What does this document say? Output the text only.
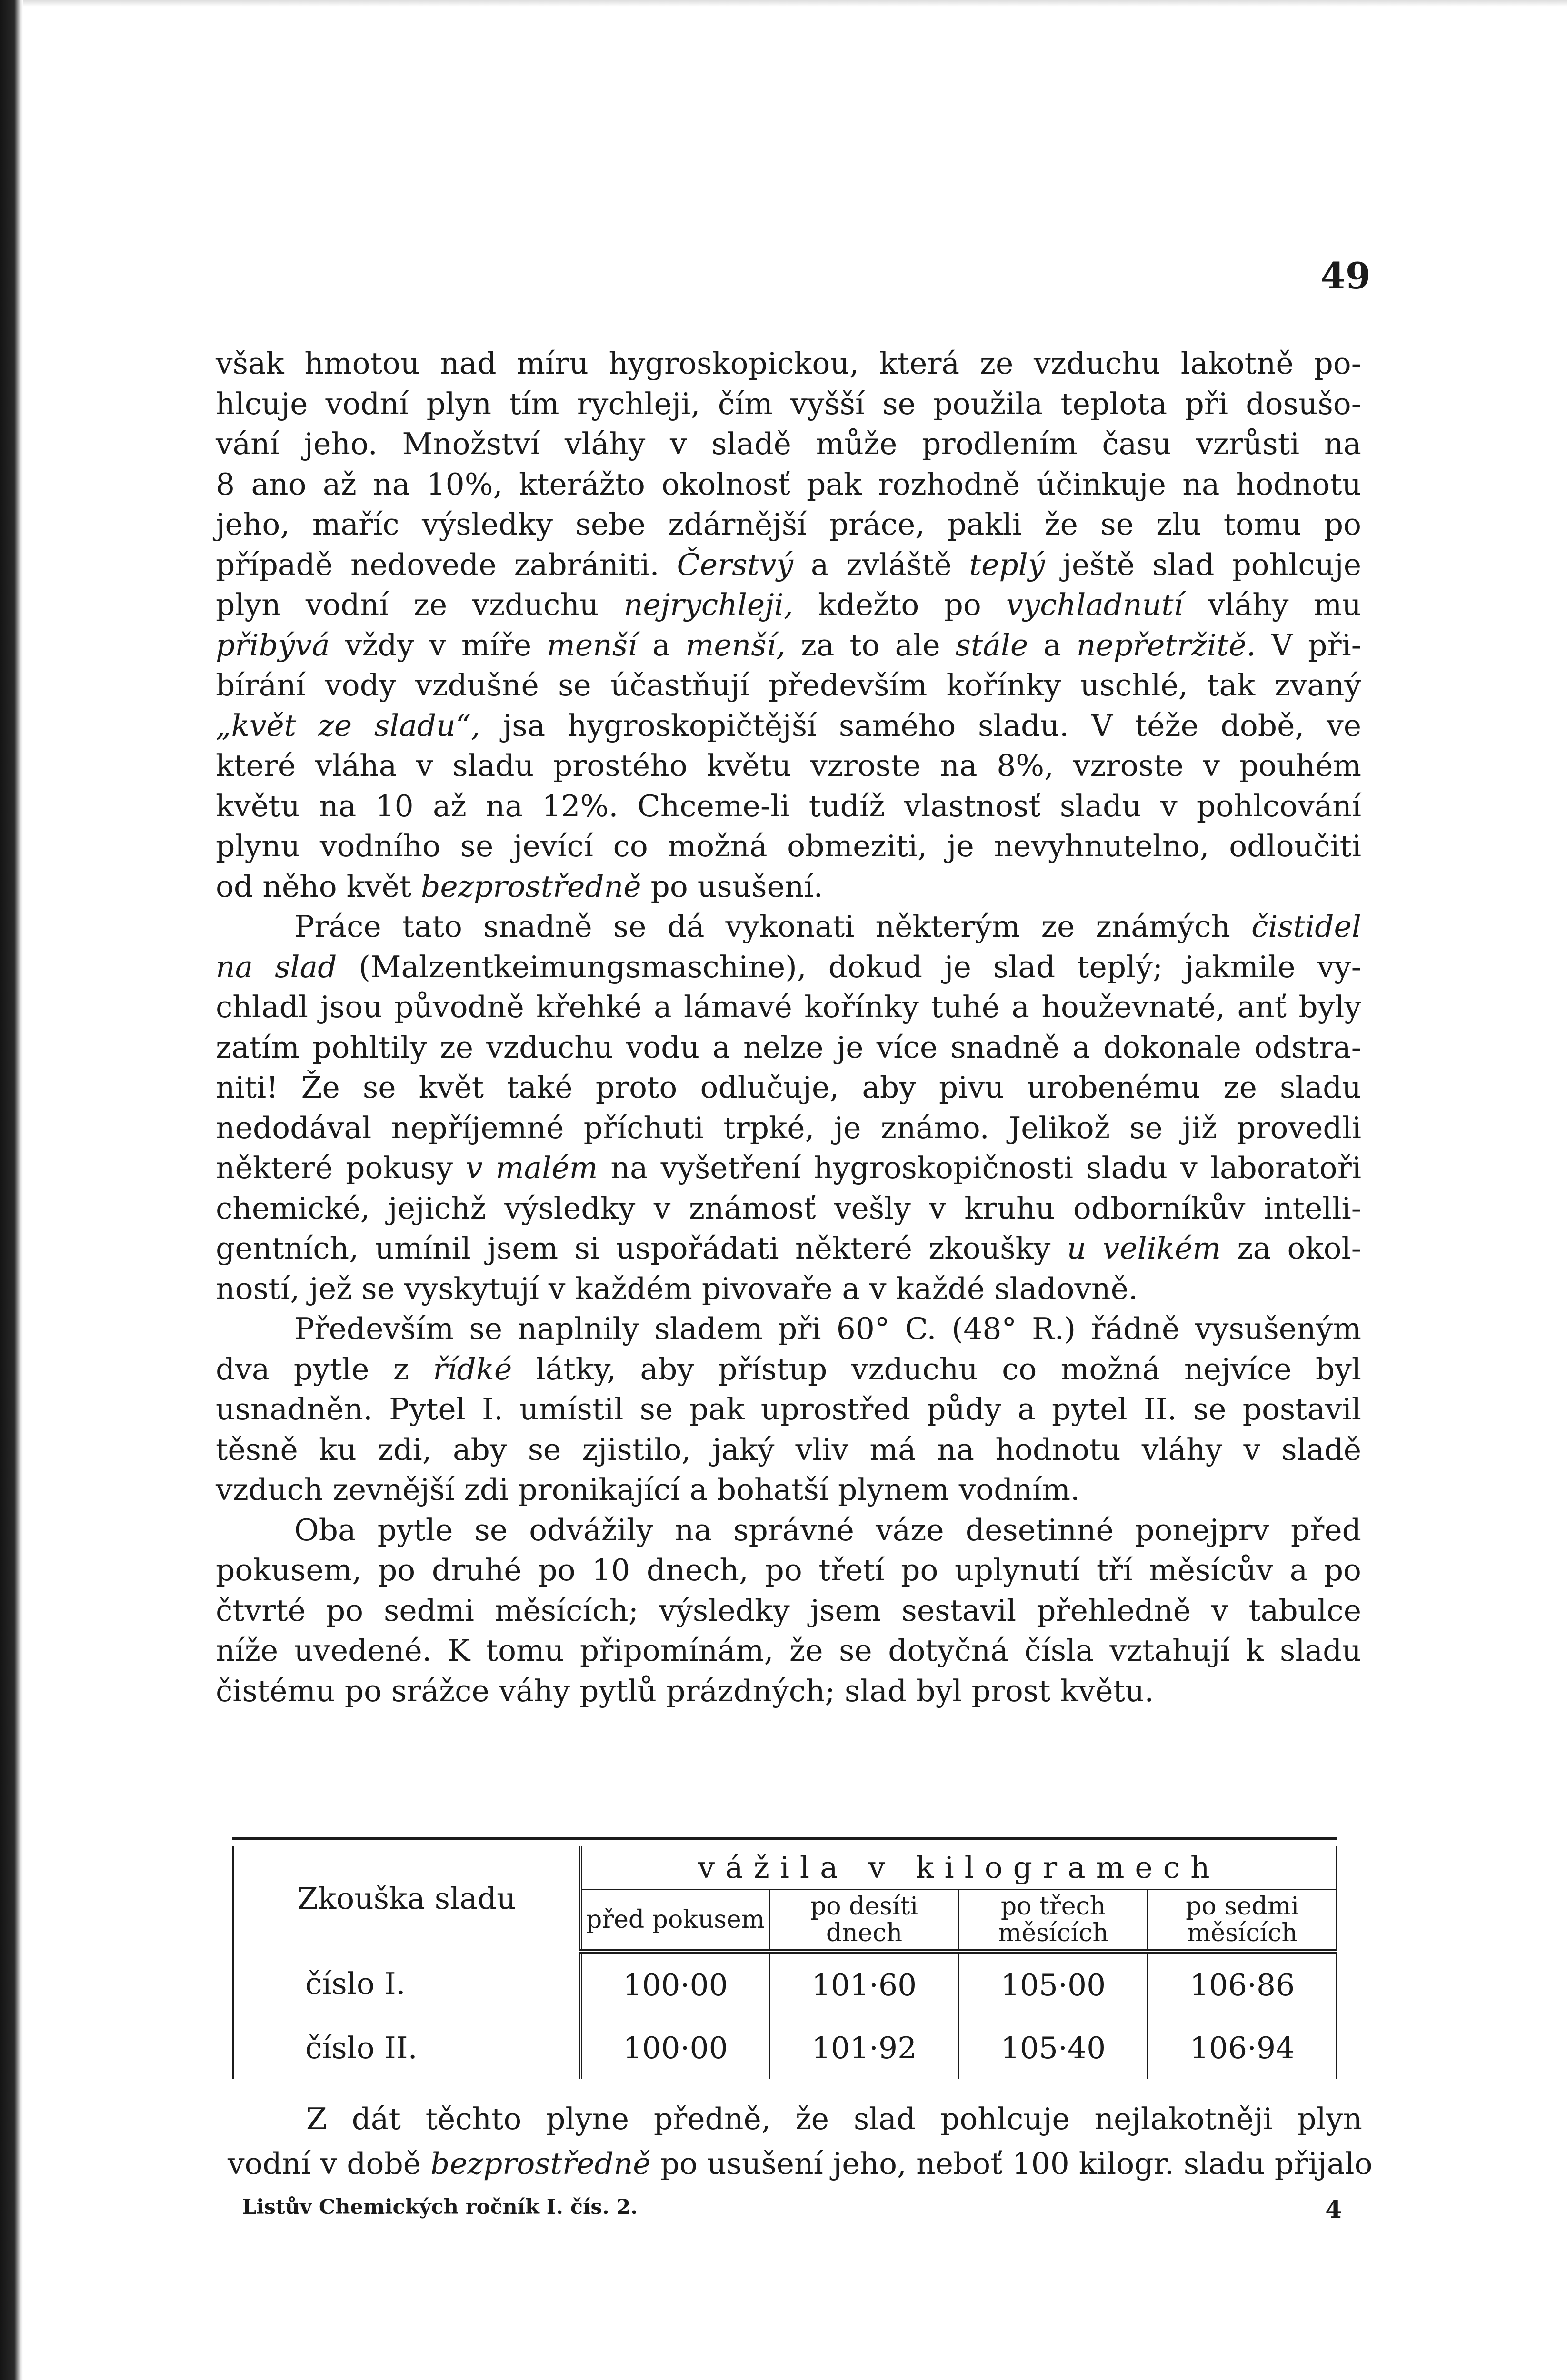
49
však hmotou nad míru hygroskopickou, která ze vzduchu lakotně po-
hlcuje vodní plyn tím rychleji, čím vyšší se použila teplota při dosušo-
vání jeho. Množství vláhy v sladě může prodlením času vzrůsti na
8 ano až na 10%, kterážto okolnosť pak rozhodně účinkuje na hodnotu
jeho, maříc výsledky sebe zdárnější práce, pakli že se zlu tomu po
případě nedovede zabrániti. Čerstvý a zvláště teplý ještě slad pohlcuje
plyn vodní ze vzduchu nejrychleji, kdežto po vychladnutí vláhy mu
přibývá vždy v míře menší a menší, za to ale stále a nepřetržitě. V při-
bírání vody vzdušné se účastňují především kořínky uschlé, tak zvaný
„květ ze sladu“, jsa hygroskopičtější samého sladu. V téže době, ve
které vláha v sladu prostého květu vzroste na 8%, vzroste v pouhém
květu na 10 až na 12%. Chceme-li tudíž vlastnosť sladu v pohlcování
plynu vodního se jevící co možná obmeziti, je nevyhnutelno, odloučiti
od něho květ bezprostředně po usušení.
Práce tato snadně se dá vykonati některým ze známých čistidel
na slad (Malzentkeimungsmaschine), dokud je slad teplý; jakmile vy-
chladl jsou původně křehké a lámavé kořínky tuhé a houževnaté, anť byly
zatím pohltily ze vzduchu vodu a nelze je více snadně a dokonale odstra-
niti! Že se květ také proto odlučuje, aby pivu urobenému ze sladu
nedodával nepříjemné příchuti trpké, je známo. Jelikož se již provedli
některé pokusy v malém na vyšetření hygroskopičnosti sladu v laboratoři
chemické, jejichž výsledky v známosť vešly v kruhu odborníkův intelli-
gentních, umínil jsem si uspořádati některé zkoušky u velikém za okol-
ností, jež se vyskytují v každém pivovaře a v každé sladovně.
Především se naplnily sladem při 60° C. (48° R.) řádně vysušeným
dva pytle z řídké látky, aby přístup vzduchu co možná nejvíce byl
usnadněn. Pytel I. umístil se pak uprostřed půdy a pytel II. se postavil
těsně ku zdi, aby se zjistilo, jaký vliv má na hodnotu vláhy v sladě
vzduch zevnější zdi pronikající a bohatší plynem vodním.
Oba pytle se odvážily na správné váze desetinné ponejprv před
pokusem, po druhé po 10 dnech, po třetí po uplynutí tří měsícův a po
čtvrté po sedmi měsících; výsledky jsem sestavil přehledně v tabulce
níže uvedené. K tomu připomínám, že se dotyčná čísla vztahují k sladu
čistému po srážce váhy pytlů prázdných; slad byl prost květu.
Zkouška sladu	vážila v kilogramech			
	před pokusem	po desíti dnech	po třech měsících	po sedmi měsících
číslo I.	100·00	101·60	105·00	106·86
číslo II.	100·00	101·92	105·40	106·94
Z dát těchto plyne předně, že slad pohlcuje nejlakotněji plyn
vodní v době bezprostředně po usušení jeho, neboť 100 kilogr. sladu přijalo
Listův Chemických ročník I. čís. 2.	4
